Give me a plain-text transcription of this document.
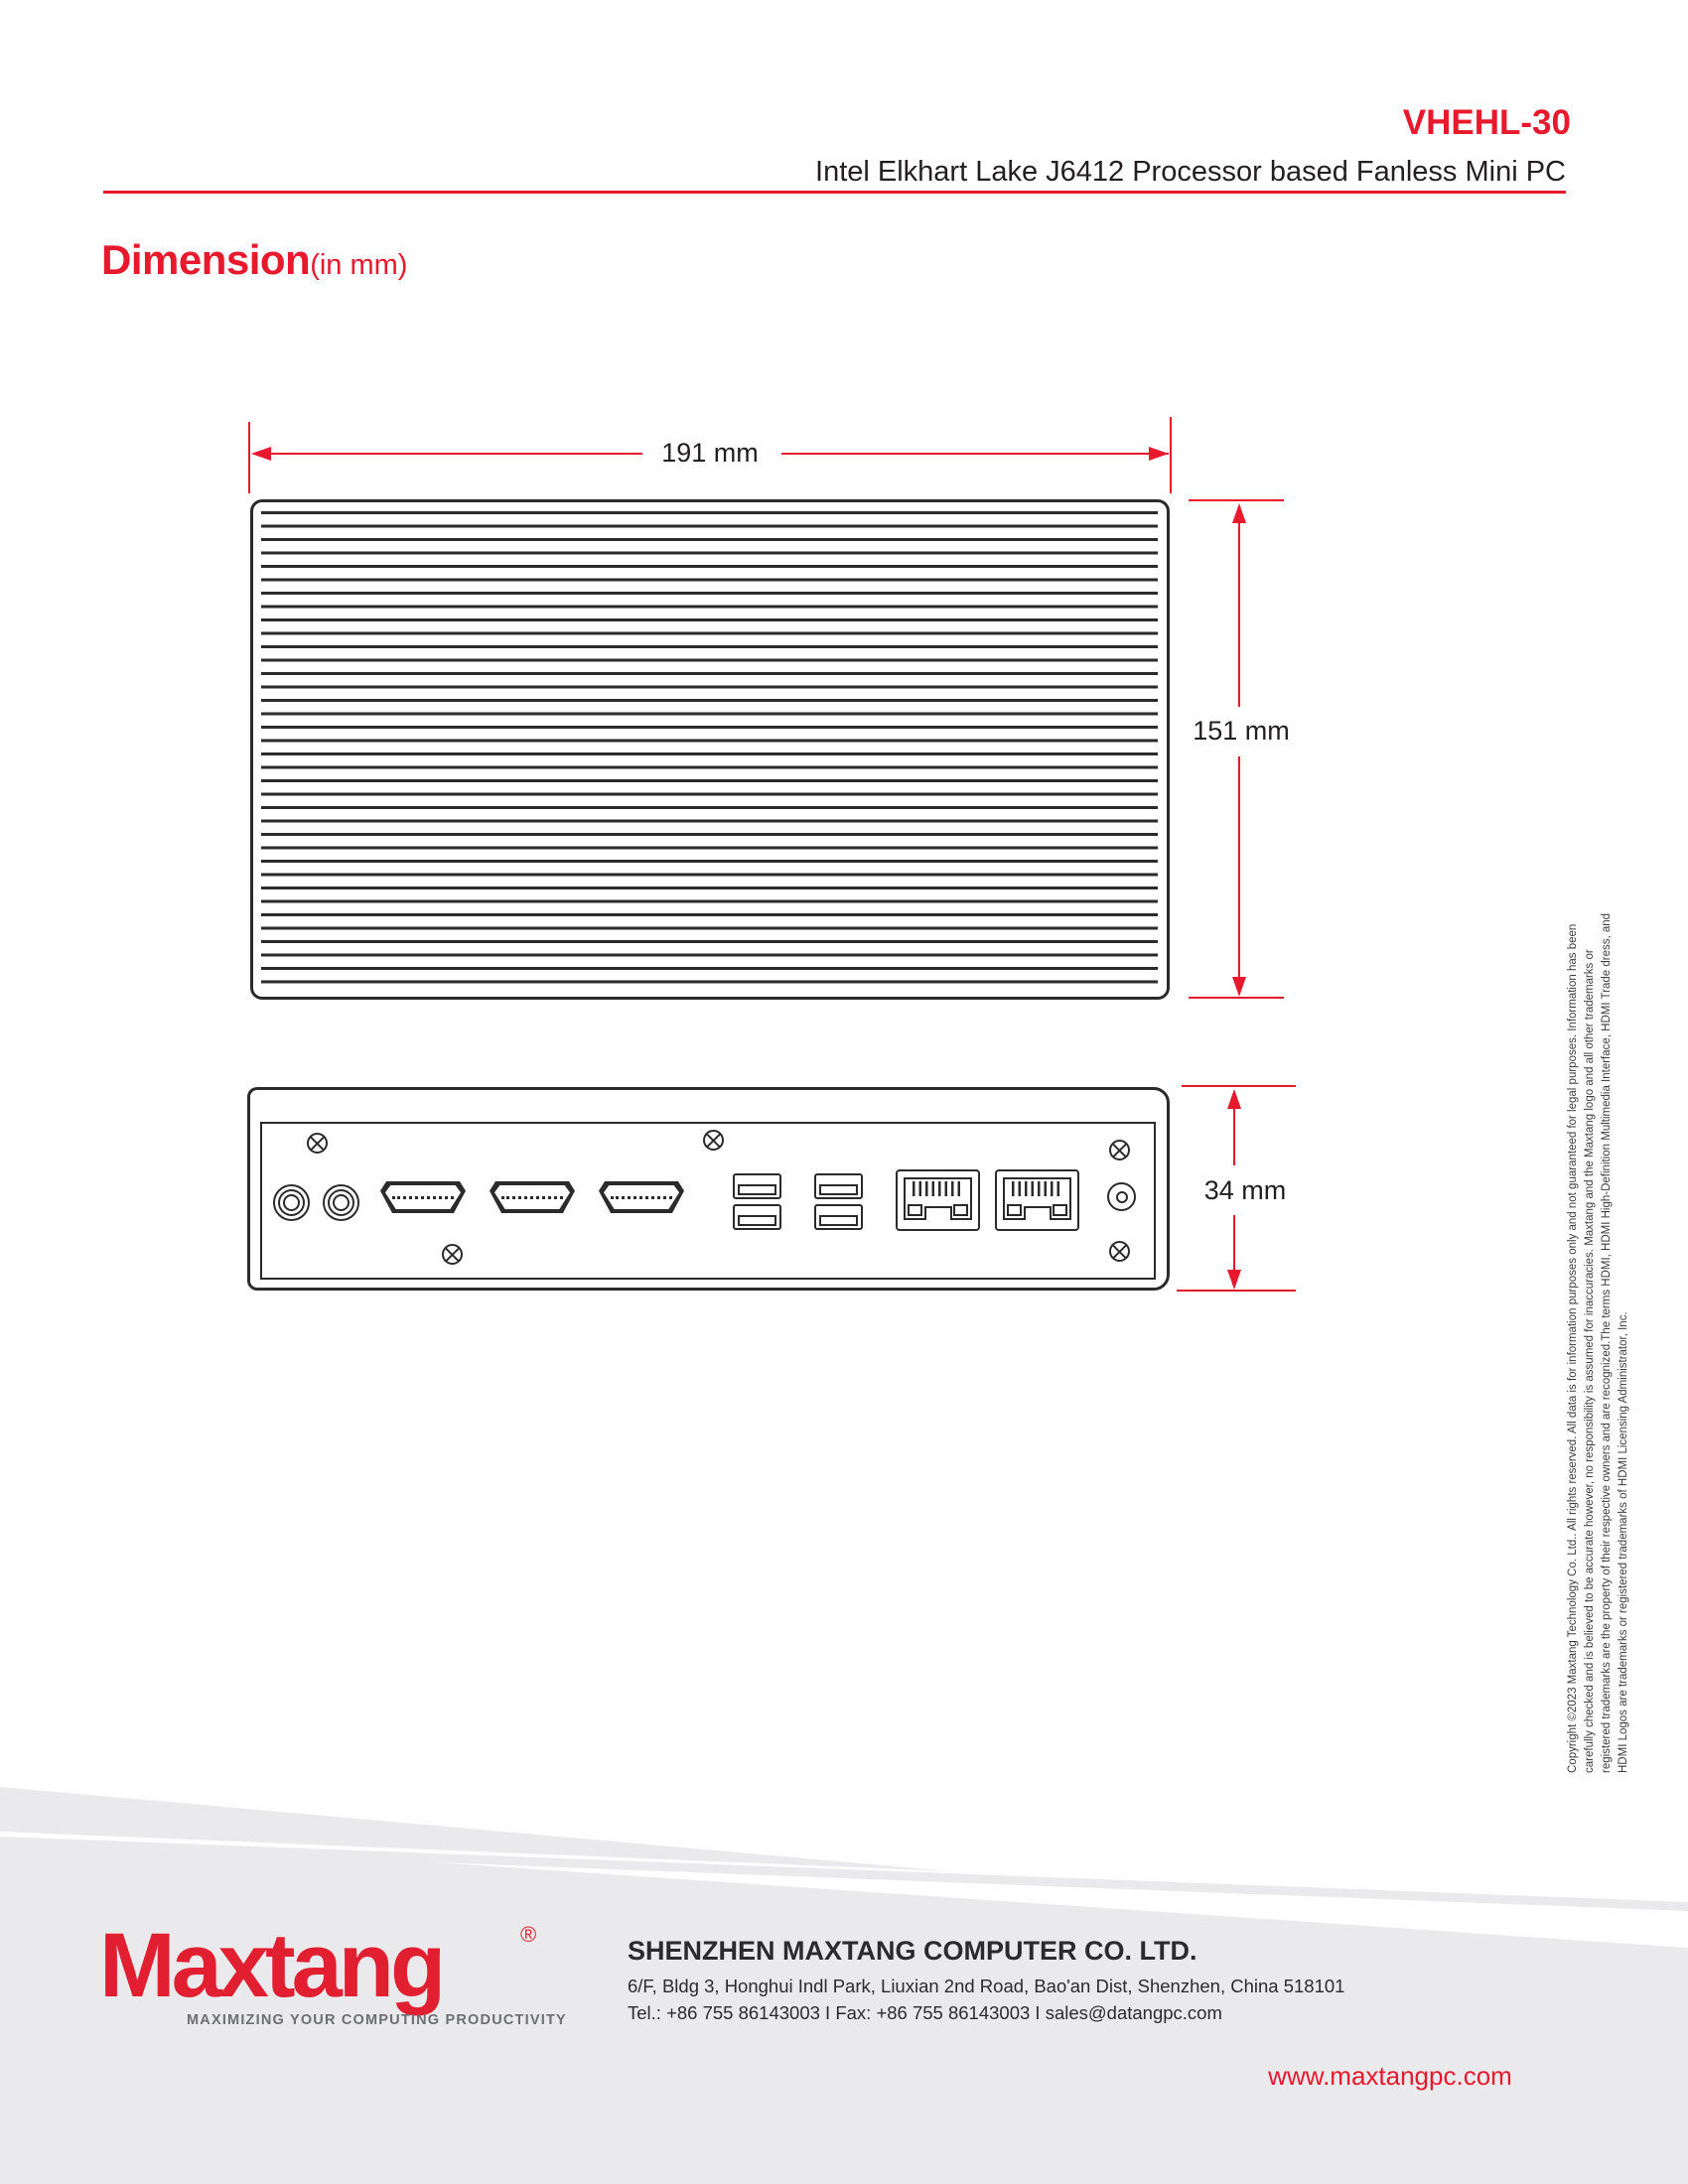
VHEHL-30
Intel Elkhart Lake J6412 Processor based Fanless Mini PC
Dimension(in mm)
191 mm
151 mm
34 mm	Copyright ©2023 Maxtang Technology Co. Ltd.. All rights reserved. All data is for information purposes only and not guaranteed for legal purposes. Information has been carefully checked and is believed to be accurate however, no responsibility is assumed for inaccuracies. Maxtang and the Maxtang logo and all other trademarks or registered trademarks are the property of their respective owners and are recognized.The terms HDMI, HDMI High-Definition Multimedia Interface, HDMI Trade dress, and HDMI Logos are trademarks or registered trademarks of HDMI Licensing Administrator, Inc.
Maxtang	®
MAXIMIZING YOUR COMPUTING PRODUCTIVITY
SHENZHEN MAXTANG COMPUTER CO. LTD.
6/F, Bldg 3, Honghui Indl Park, Liuxian 2nd Road, Bao'an Dist, Shenzhen, China 518101
Tel.: +86 755 86143003 I Fax: +86 755 86143003 I sales@datangpc.com
www.maxtangpc.com
